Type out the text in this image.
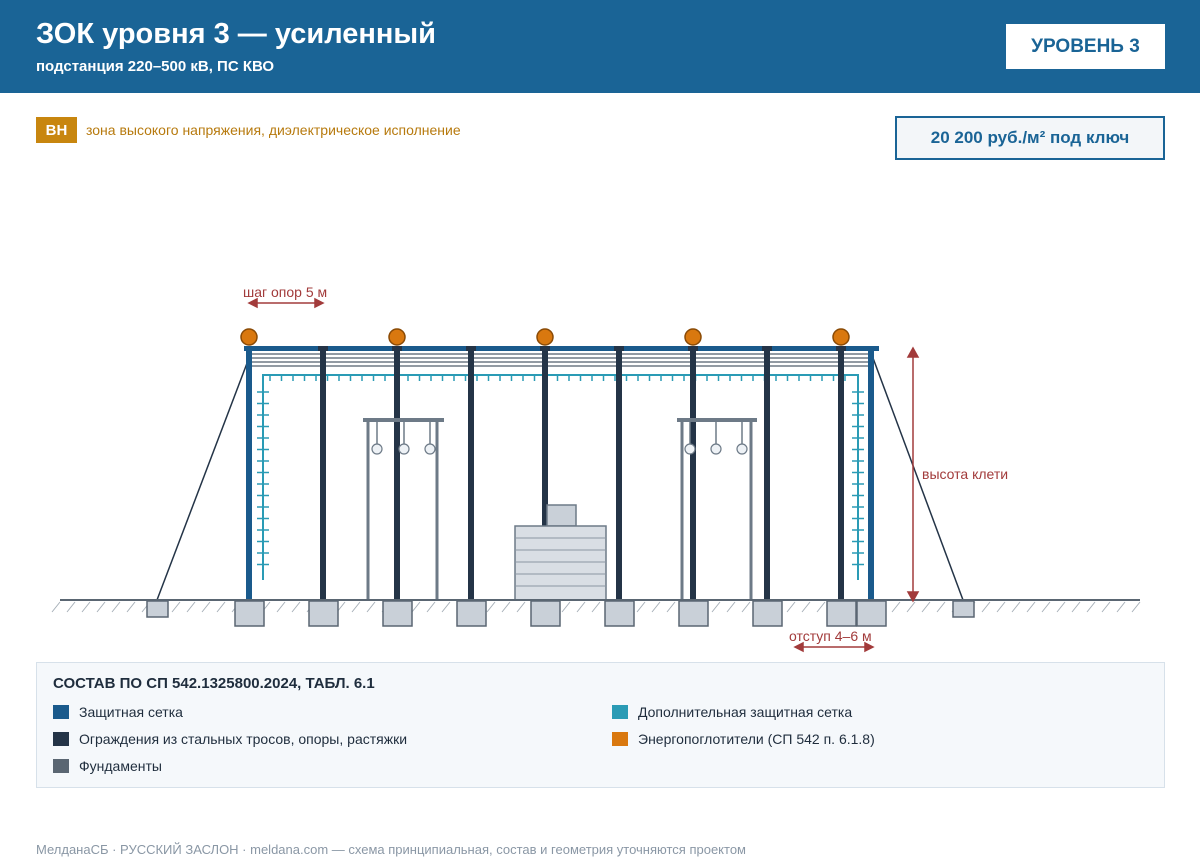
ЗОК уровня 3 — усиленный
подстанция 220–500 кВ, ПС КВО
УРОВЕНЬ 3
ВН	зона высокого напряжения, диэлектрическое исполнение	20 200 руб./м² под ключ
шаг опор 5 м
высота клети
отступ 4–6 м
СОСТАВ ПО СП 542.1325800.2024, ТАБЛ. 6.1
Защитная сетка
Ограждения из стальных тросов, опоры, растяжки
Фундаменты
Дополнительная защитная сетка
Энергопоглотители (СП 542 п. 6.1.8)
МелданаСБ · РУССКИЙ ЗАСЛОН · meldana.com — схема принципиальная, состав и геометрия уточняются проектом
